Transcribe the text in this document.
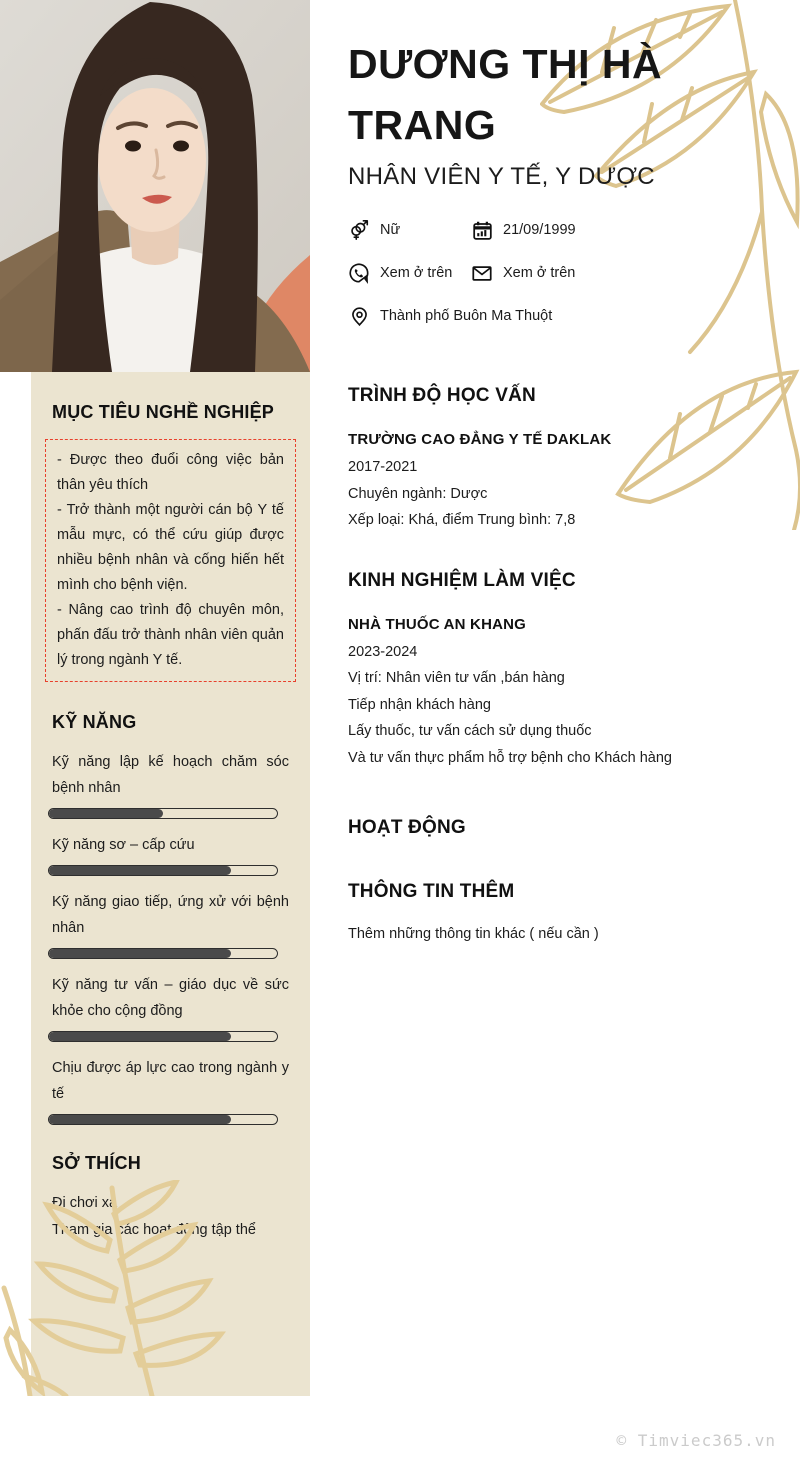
DƯƠNG THỊ HÀ TRANG
NHÂN VIÊN Y TẾ, Y DƯỢC
Nữ	21/09/1999
Xem ở trên	Xem ở trên
Thành phố Buôn Ma Thuột
MỤC TIÊU NGHỀ NGHIỆP

- Được theo đuổi công việc bản thân yêu thích

- Trở thành một người cán bộ Y tế mẫu mực, có thể cứu giúp được nhiều bệnh nhân và cống hiến hết mình cho bệnh viện.

- Nâng cao trình độ chuyên môn, phấn đấu trở thành nhân viên quản lý trong ngành Y tế.

KỸ NĂNG

Kỹ năng lập kế hoạch chăm sóc bệnh nhân

Kỹ năng sơ – cấp cứu

Kỹ năng giao tiếp, ứng xử với bệnh nhân

Kỹ năng tư vấn – giáo dục về sức khỏe cho cộng đồng

Chịu được áp lực cao trong ngành y tế

SỞ THÍCH

Đi chơi xa

Tham gia các hoạt động tập thể

TRÌNH ĐỘ HỌC VẤN
TRƯỜNG CAO ĐẲNG Y TẾ DAKLAK

2017-2021

Chuyên ngành: Dược

Xếp loại: Khá, điểm Trung bình: 7,8

KINH NGHIỆM LÀM VIỆC
NHÀ THUỐC AN KHANG

2023-2024

Vị trí: Nhân viên tư vấn ,bán hàng

Tiếp nhận khách hàng

Lấy thuốc, tư vấn cách sử dụng thuốc

Và tư vấn thực phẩm hỗ trợ bệnh cho Khách hàng

HOẠT ĐỘNG
THÔNG TIN THÊM

Thêm những thông tin khác ( nếu cần )

© Timviec365.vn
